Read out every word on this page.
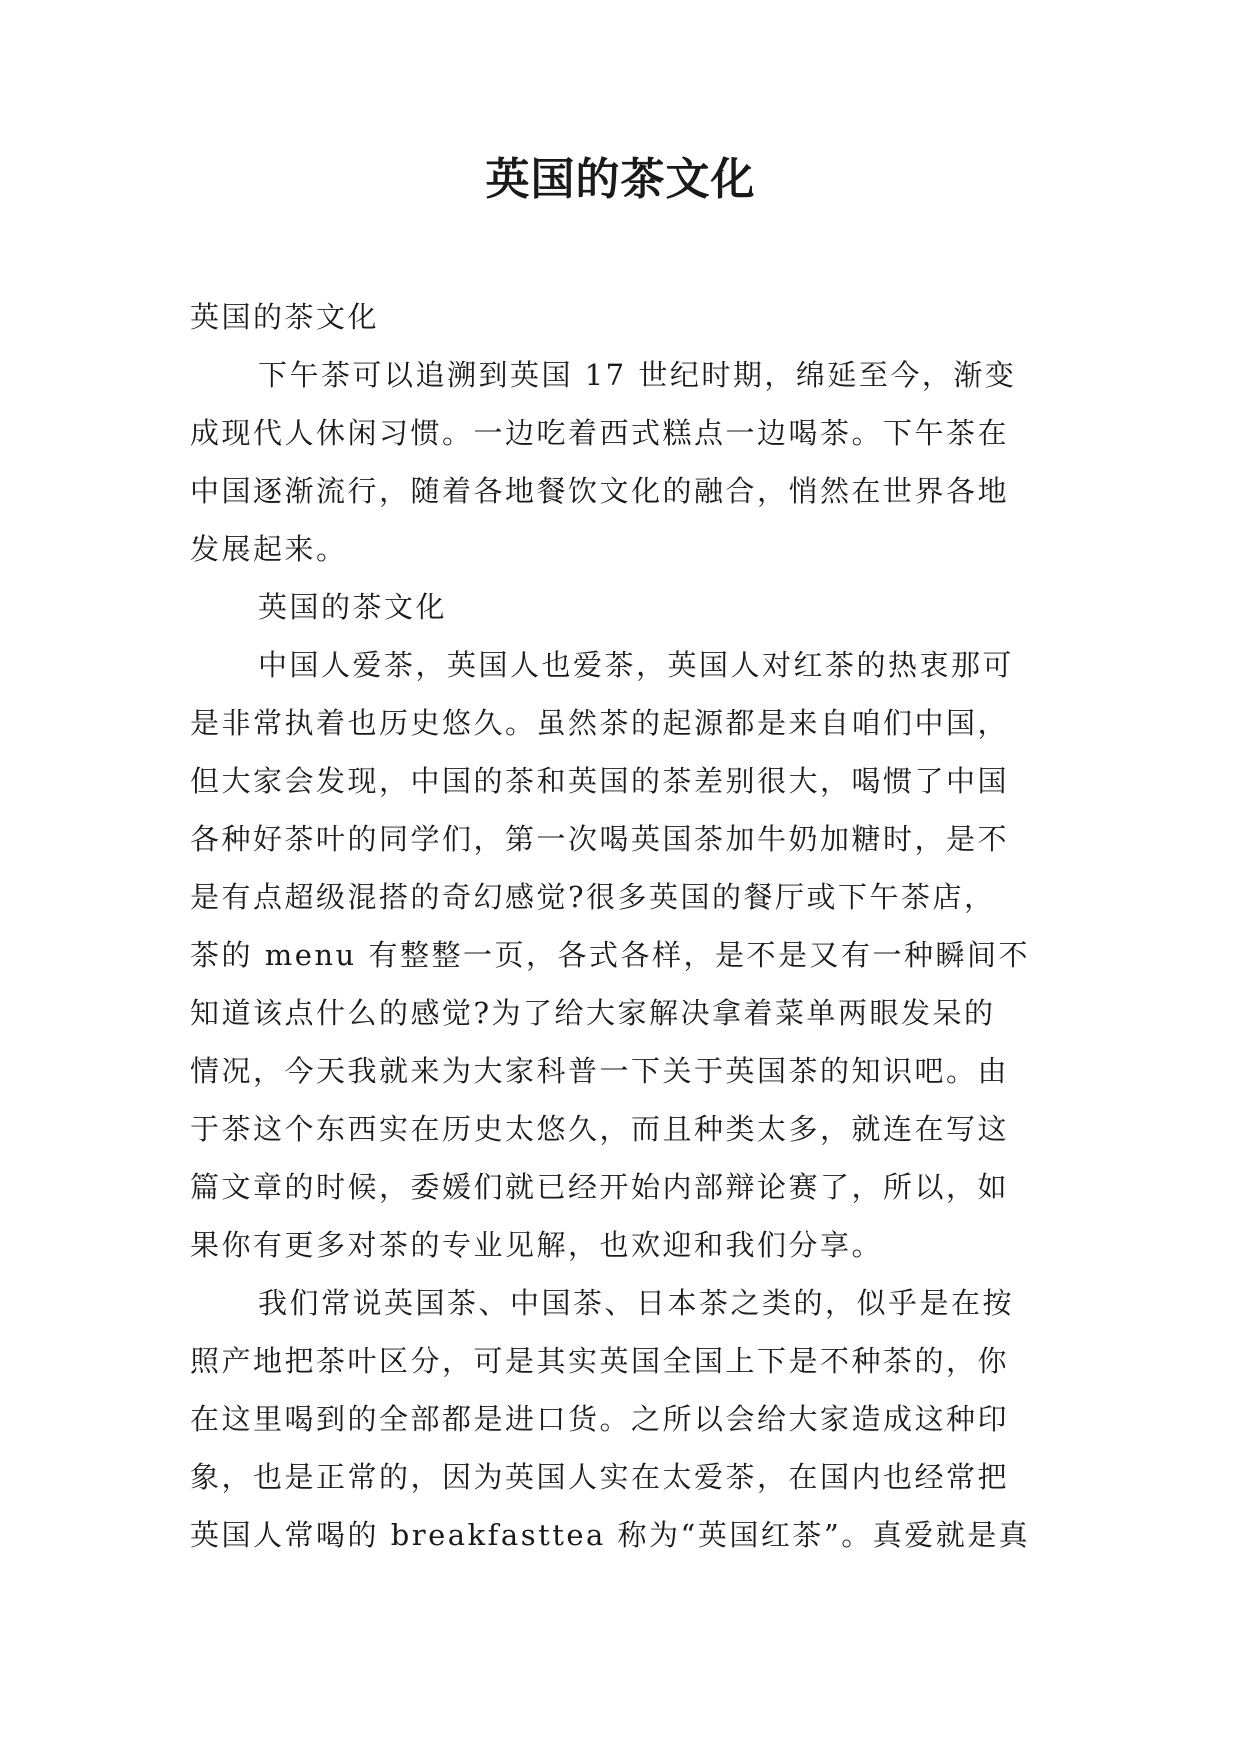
英国的茶文化

英国的茶文化

下午茶可以追溯到英国 17 世纪时期，绵延至今，渐变

成现代人休闲习惯。一边吃着西式糕点一边喝茶。下午茶在

中国逐渐流行，随着各地餐饮文化的融合，悄然在世界各地

发展起来。

英国的茶文化

中国人爱茶，英国人也爱茶，英国人对红茶的热衷那可

是非常执着也历史悠久。虽然茶的起源都是来自咱们中国，

但大家会发现，中国的茶和英国的茶差别很大，喝惯了中国

各种好茶叶的同学们，第一次喝英国茶加牛奶加糖时，是不

是有点超级混搭的奇幻感觉?很多英国的餐厅或下午茶店，

茶的 menu 有整整一页，各式各样，是不是又有一种瞬间不

知道该点什么的感觉?为了给大家解决拿着菜单两眼发呆的

情况，今天我就来为大家科普一下关于英国茶的知识吧。由

于茶这个东西实在历史太悠久，而且种类太多，就连在写这

篇文章的时候，委媛们就已经开始内部辩论赛了，所以，如

果你有更多对茶的专业见解，也欢迎和我们分享。

我们常说英国茶、中国茶、日本茶之类的，似乎是在按

照产地把茶叶区分，可是其实英国全国上下是不种茶的，你

在这里喝到的全部都是进口货。之所以会给大家造成这种印

象，也是正常的，因为英国人实在太爱茶，在国内也经常把

英国人常喝的 breakfasttea 称为“英国红茶”。真爱就是真
